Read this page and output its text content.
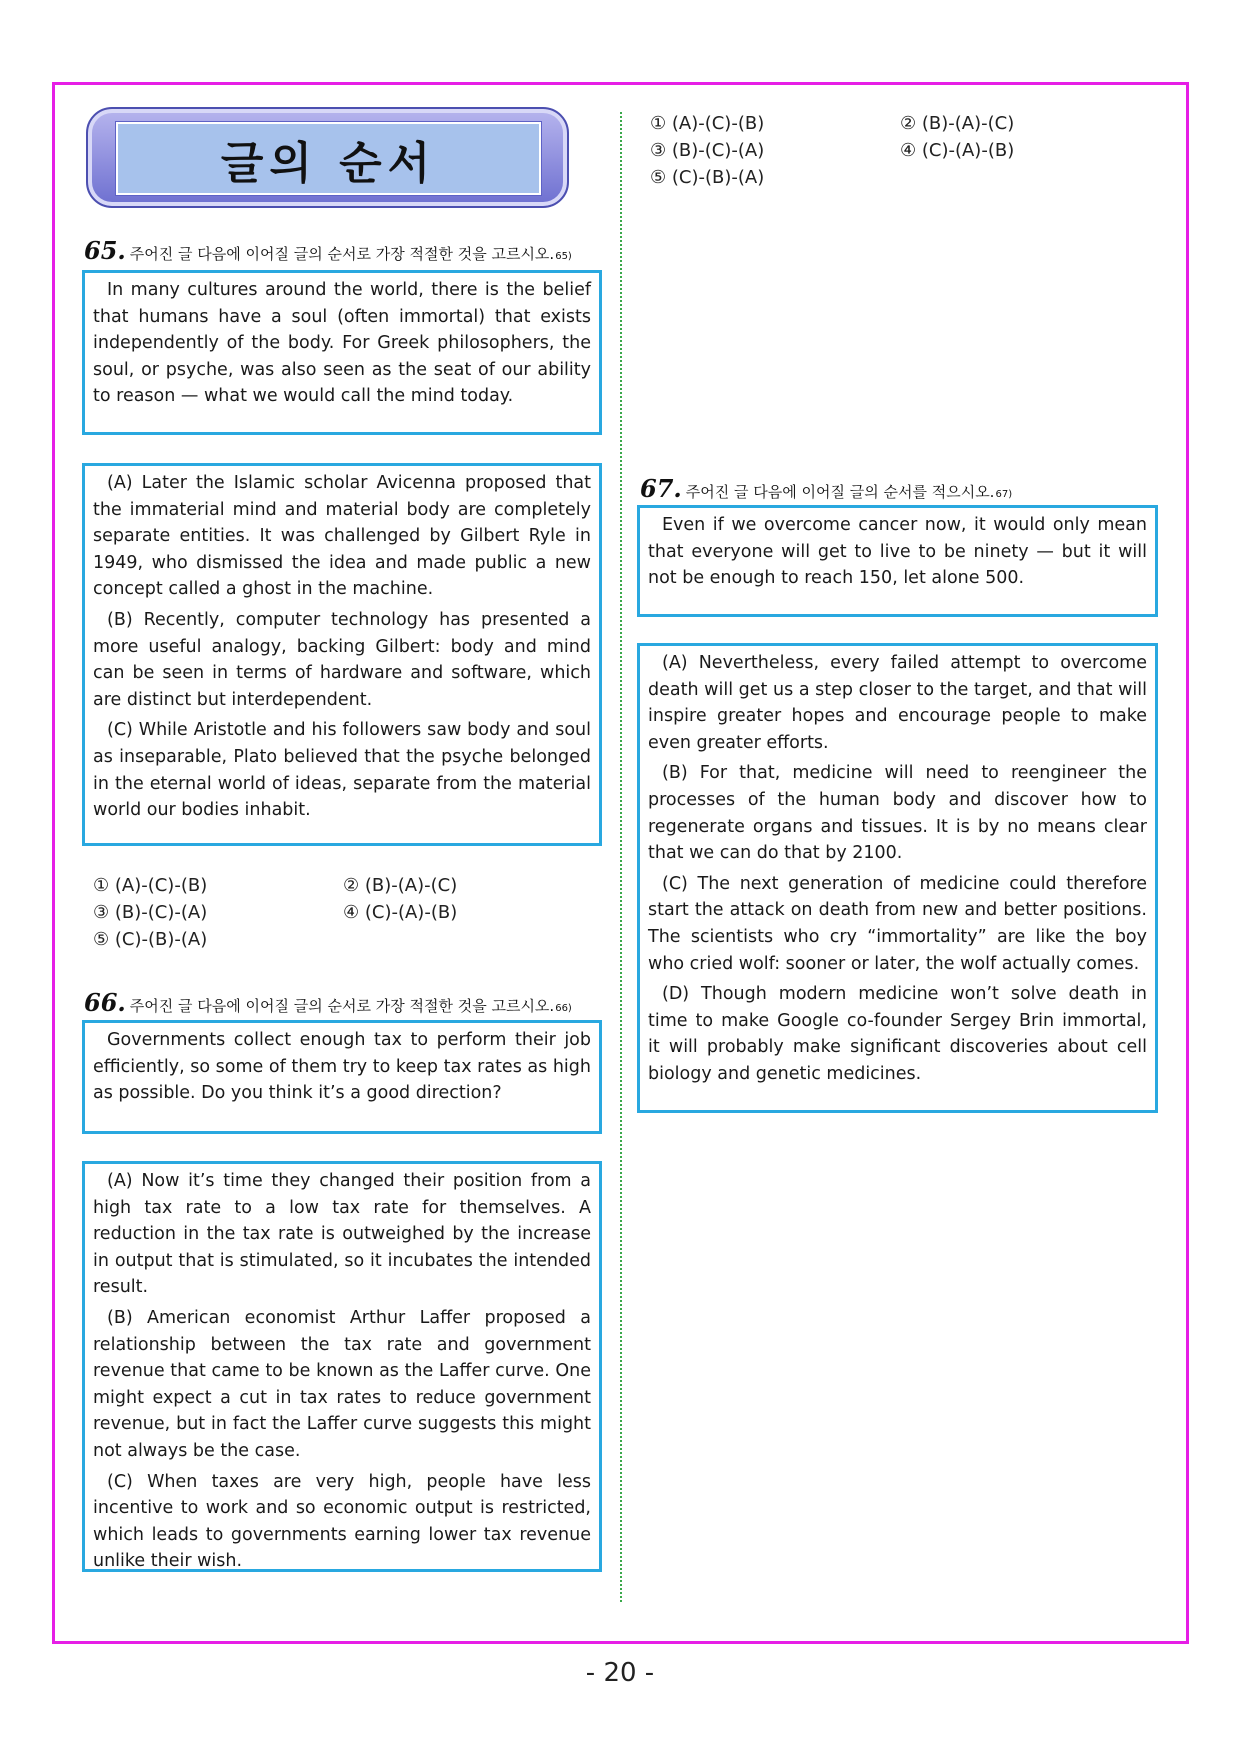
글의 순서
65. 주어진 글 다음에 이어질 글의 순서로 가장 적절한 것을 고르시오. 65)

In many cultures around the world, there is the belief that humans have a soul (often immortal) that exists independently of the body. For Greek philosophers, the soul, or psyche, was also seen as the seat of our ability to reason — what we would call the mind today.

(A) Later the Islamic scholar Avicenna proposed that the immaterial mind and material body are completely separate entities. It was challenged by Gilbert Ryle in 1949, who dismissed the idea and made public a new concept called a ghost in the machine.

(B) Recently, computer technology has presented a more useful analogy, backing Gilbert: body and mind can be seen in terms of hardware and software, which are distinct but interdependent.

(C) While Aristotle and his followers saw body and soul as inseparable, Plato believed that the psyche belonged in the eternal world of ideas, separate from the material world our bodies inhabit.

① (A)-(C)-(B)	② (B)-(A)-(C)
③ (B)-(C)-(A)	④ (C)-(A)-(B)
⑤ (C)-(B)-(A)
66. 주어진 글 다음에 이어질 글의 순서로 가장 적절한 것을 고르시오. 66)

Governments collect enough tax to perform their job efficiently, so some of them try to keep tax rates as high as possible. Do you think it’s a good direction?

(A) Now it’s time they changed their position from a high tax rate to a low tax rate for themselves. A reduction in the tax rate is outweighed by the increase in output that is stimulated, so it incubates the intended result.

(B) American economist Arthur Laffer proposed a relationship between the tax rate and government revenue that came to be known as the Laffer curve. One might expect a cut in tax rates to reduce government revenue, but in fact the Laffer curve suggests this might not always be the case.

(C) When taxes are very high, people have less incentive to work and so economic output is restricted, which leads to governments earning lower tax revenue unlike their wish.

① (A)-(C)-(B)	② (B)-(A)-(C)
③ (B)-(C)-(A)	④ (C)-(A)-(B)
⑤ (C)-(B)-(A)
67. 주어진 글 다음에 이어질 글의 순서를 적으시오. 67)

Even if we overcome cancer now, it would only mean that everyone will get to live to be ninety — but it will not be enough to reach 150, let alone 500.

(A) Nevertheless, every failed attempt to overcome death will get us a step closer to the target, and that will inspire greater hopes and encourage people to make even greater efforts.

(B) For that, medicine will need to reengineer the processes of the human body and discover how to regenerate organs and tissues. It is by no means clear that we can do that by 2100.

(C) The next generation of medicine could therefore start the attack on death from new and better positions. The scientists who cry “immortality” are like the boy who cried wolf: sooner or later, the wolf actually comes.

(D) Though modern medicine won’t solve death in time to make Google co-founder Sergey Brin immortal, it will probably make significant discoveries about cell biology and genetic medicines.

- 20 -
